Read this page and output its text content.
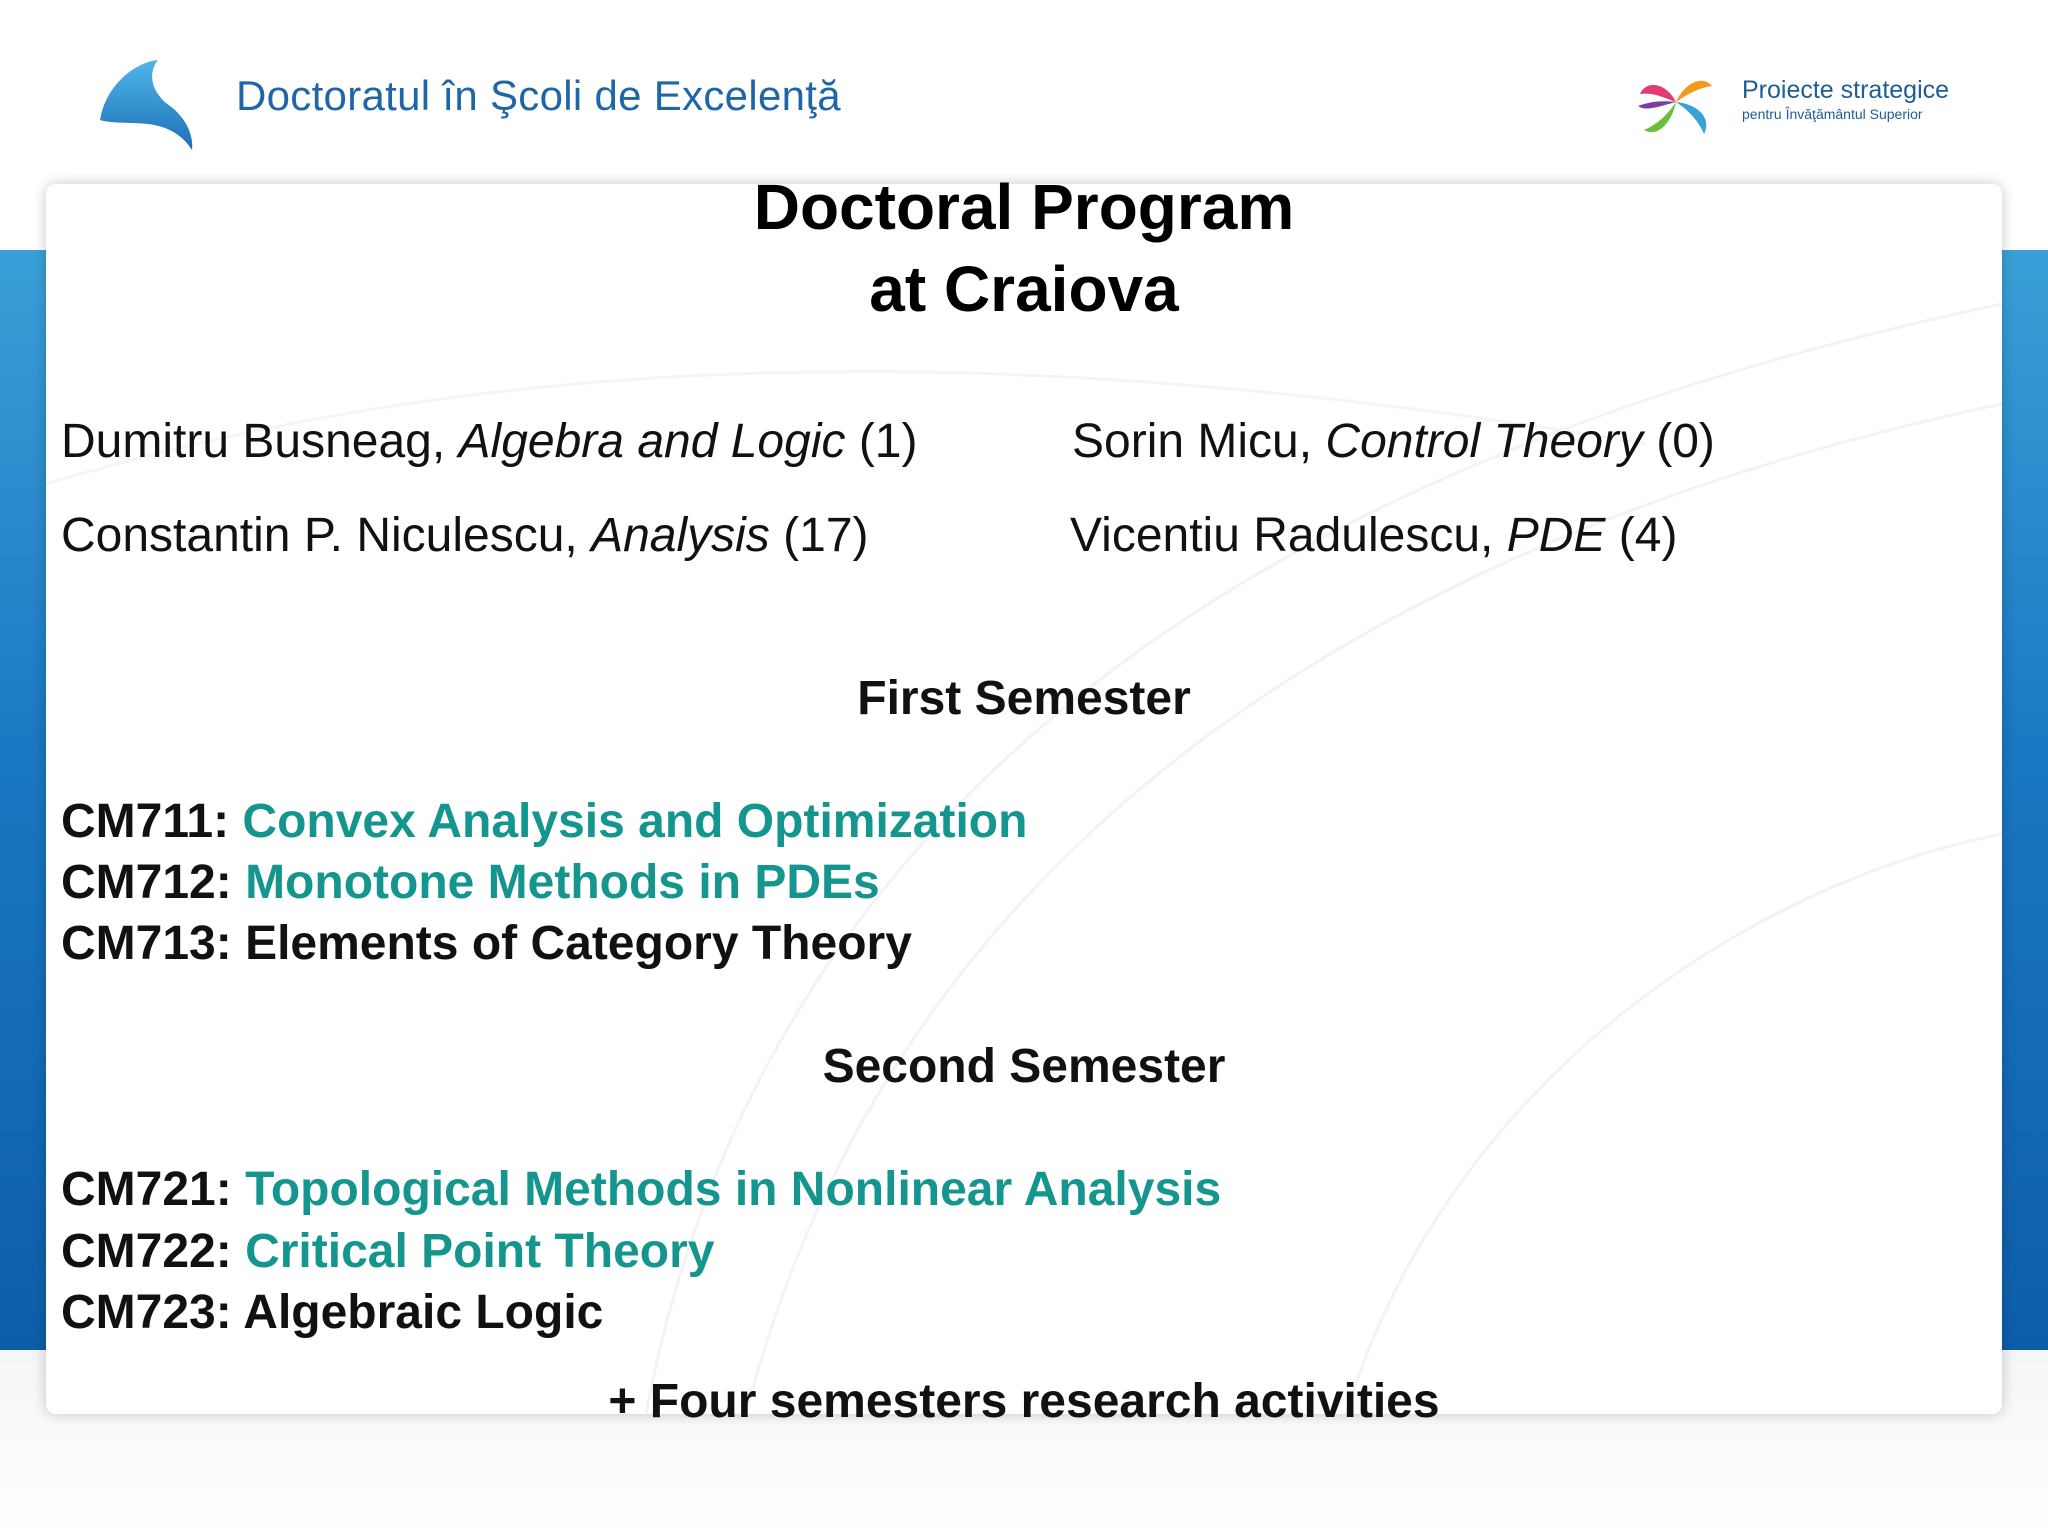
Doctoratul în Şcoli de Excelenţă	Proiecte strategice
pentru Învăţământul Superior
Doctoral Program
at Craiova
Dumitru Busneag, Algebra and Logic (1)	Sorin Micu, Control Theory (0)
Constantin P. Niculescu, Analysis (17)	Vicentiu Radulescu, PDE (4)
First Semester
CM711: Convex Analysis and Optimization
CM712: Monotone Methods in PDEs
CM713: Elements of Category Theory
Second Semester
CM721: Topological Methods in Nonlinear Analysis
CM722: Critical Point Theory
CM723: Algebraic Logic
+ Four semesters research activities
